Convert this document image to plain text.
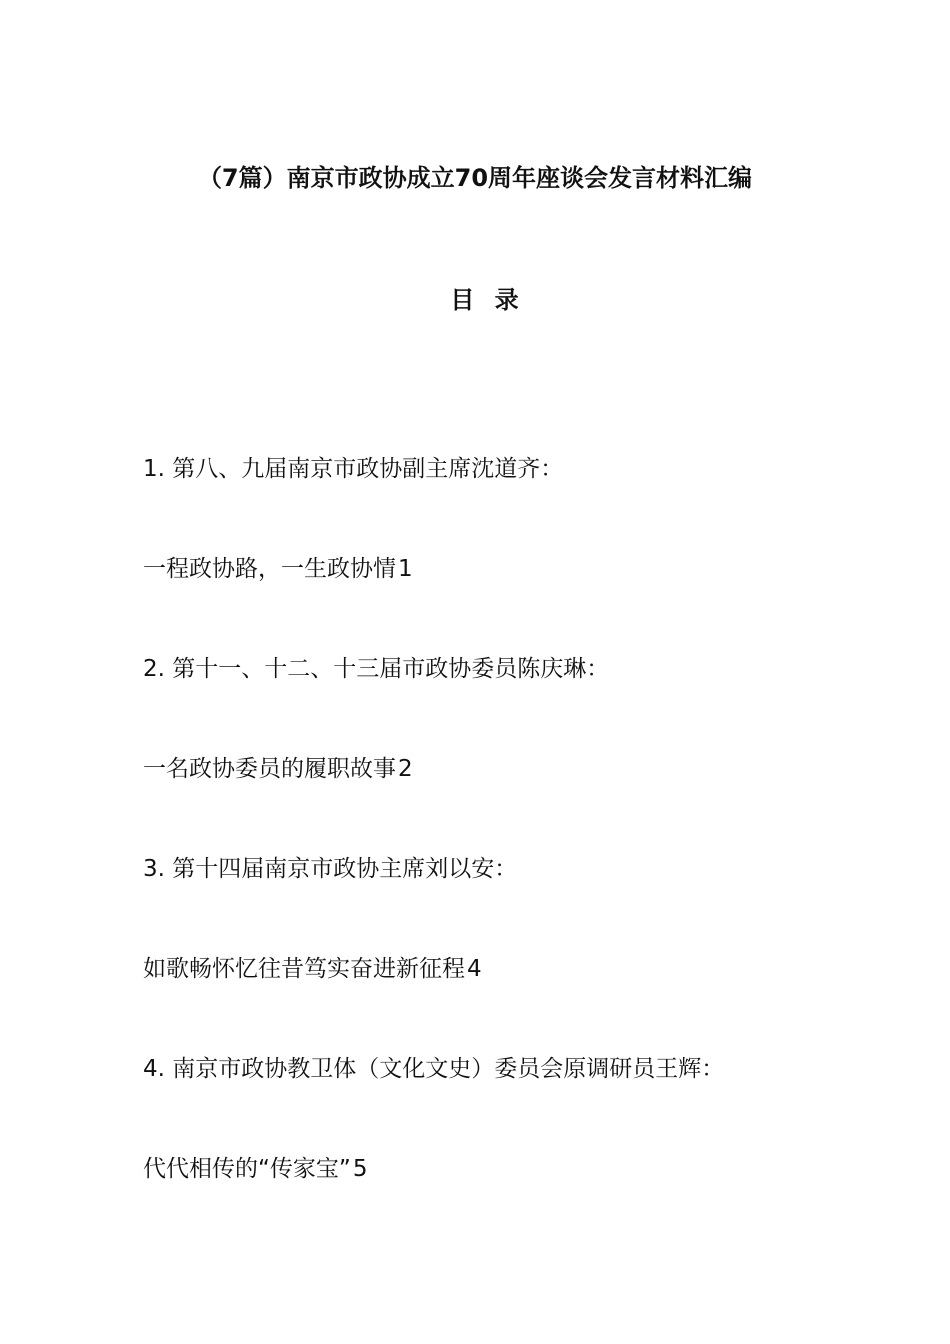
（7篇）南京市政协成立70周年座谈会发言材料汇编
目 录
1. 第八、九届南京市政协副主席沈道齐：
一程政协路，一生政协情1
2. 第十一、十二、十三届市政协委员陈庆琳：
一名政协委员的履职故事2
3. 第十四届南京市政协主席刘以安：
如歌畅怀忆往昔笃实奋进新征程4
4. 南京市政协教卫体（文化文史）委员会原调研员王辉：
代代相传的“传家宝”5
